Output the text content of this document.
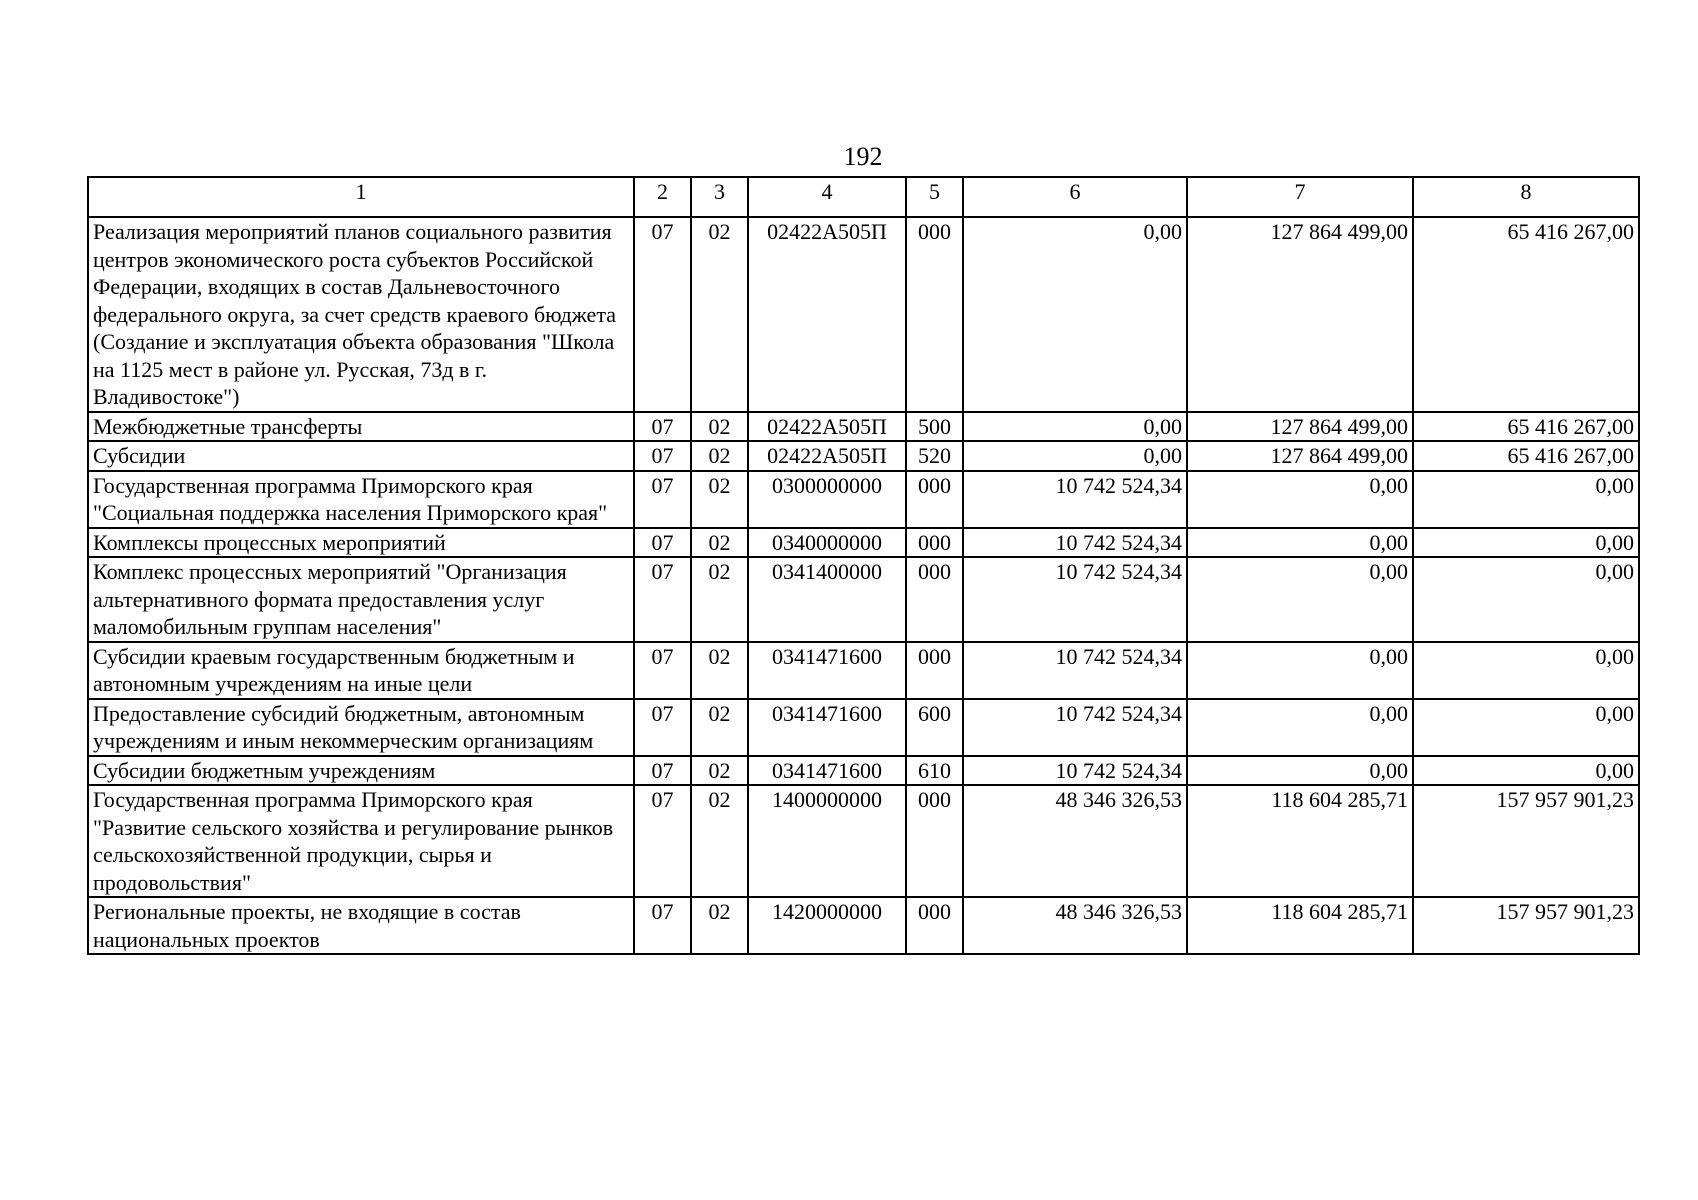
192
1	2	3	4	5	6	7	8
Реализация мероприятий планов социального развития центров экономического роста субъектов Российской Федерации, входящих в состав Дальневосточного федерального округа, за счет средств краевого бюджета (Создание и эксплуатация объекта образования "Школа на 1125 мест в районе ул. Русская, 73д в г. Владивостоке")	07	02	02422А505П	000	0,00	127 864 499,00	65 416 267,00
Межбюджетные трансферты	07	02	02422А505П	500	0,00	127 864 499,00	65 416 267,00
Субсидии	07	02	02422А505П	520	0,00	127 864 499,00	65 416 267,00
Государственная программа Приморского края "Социальная поддержка населения Приморского края"	07	02	0300000000	000	10 742 524,34	0,00	0,00
Комплексы процессных мероприятий	07	02	0340000000	000	10 742 524,34	0,00	0,00
Комплекс процессных мероприятий "Организация альтернативного формата предоставления услуг маломобильным группам населения"	07	02	0341400000	000	10 742 524,34	0,00	0,00
Субсидии краевым государственным бюджетным и автономным учреждениям на иные цели	07	02	0341471600	000	10 742 524,34	0,00	0,00
Предоставление субсидий бюджетным, автономным учреждениям и иным некоммерческим организациям	07	02	0341471600	600	10 742 524,34	0,00	0,00
Субсидии бюджетным учреждениям	07	02	0341471600	610	10 742 524,34	0,00	0,00
Государственная программа Приморского края "Развитие сельского хозяйства и регулирование рынков сельскохозяйственной продукции, сырья и продовольствия"	07	02	1400000000	000	48 346 326,53	118 604 285,71	157 957 901,23
Региональные проекты, не входящие в состав национальных проектов	07	02	1420000000	000	48 346 326,53	118 604 285,71	157 957 901,23
